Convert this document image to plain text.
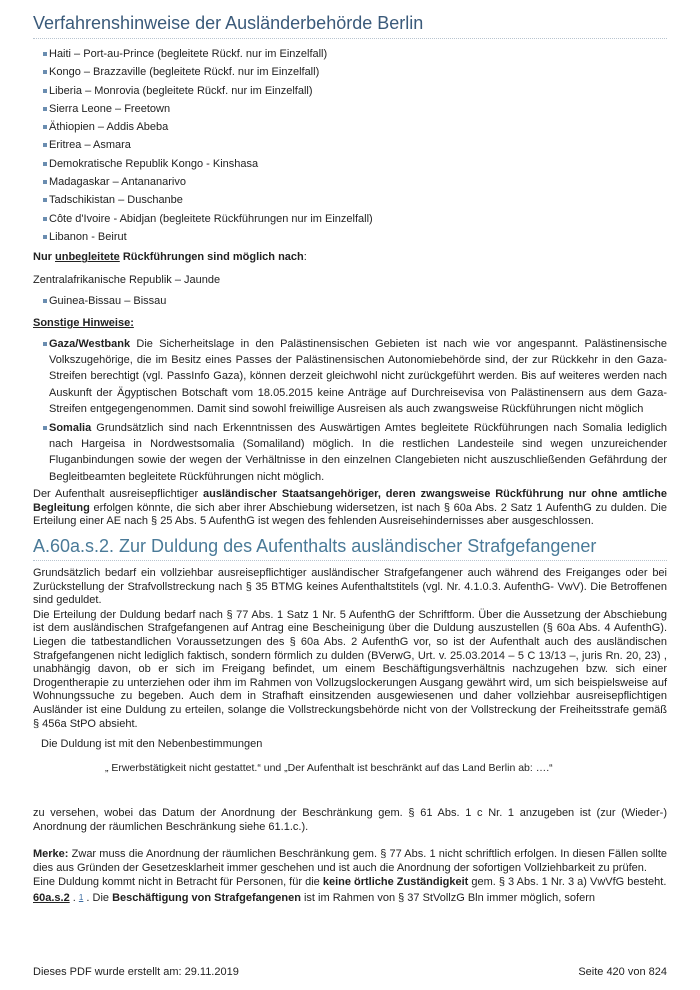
Verfahrenshinweise der Ausländerbehörde Berlin
Haiti – Port-au-Prince (begleitete Rückf. nur im Einzelfall)
Kongo – Brazzaville (begleitete Rückf. nur im Einzelfall)
Liberia – Monrovia (begleitete Rückf. nur im Einzelfall)
Sierra Leone – Freetown
Äthiopien – Addis Abeba
Eritrea – Asmara
Demokratische Republik Kongo - Kinshasa
Madagaskar – Antananarivo
Tadschikistan – Duschanbe
Côte d'Ivoire - Abidjan (begleitete Rückführungen nur im Einzelfall)
Libanon - Beirut

Nur unbegleitete Rückführungen sind möglich nach:

Zentralafrikanische Republik – Jaunde
Guinea-Bissau – Bissau

Sonstige Hinweise:

Gaza/Westbank Die Sicherheitslage in den Palästinensischen Gebieten ist nach wie vor angespannt. Palästinensische Volkszugehörige, die im Besitz eines Passes der Palästinensischen Autonomiebehörde sind, der zur Rückkehr in den Gaza-Streifen berechtigt (vgl. PassInfo Gaza), können derzeit gleichwohl nicht zurückgeführt werden. Bis auf weiteres werden nach Auskunft der Ägyptischen Botschaft vom 18.05.2015 keine Anträge auf Durchreisevisa von Palästinensern aus dem Gaza-Streifen entgegengenommen. Damit sind sowohl freiwillige Ausreisen als auch zwangsweise Rückführungen nicht möglich
Somalia Grundsätzlich sind nach Erkenntnissen des Auswärtigen Amtes begleitete Rückführungen nach Somalia lediglich nach Hargeisa in Nordwestsomalia (Somaliland) möglich. In die restlichen Landesteile sind wegen unzureichender Fluganbindungen sowie der wegen der Verhältnisse in den einzelnen Clangebieten nicht auszuschließenden Gefährdung der Begleitbeamten begleitete Rückführungen nicht möglich.

Der Aufenthalt ausreisepflichtiger ausländischer Staatsangehöriger, deren zwangsweise Rückführung nur ohne amtliche Begleitung erfolgen könnte, die sich aber ihrer Abschiebung widersetzen, ist nach § 60a Abs. 2 Satz 1 AufenthG zu dulden. Die Erteilung einer AE nach § 25 Abs. 5 AufenthG ist wegen des fehlenden Ausreisehindernisses aber ausgeschlossen.

A.60a.s.2. Zur Duldung des Aufenthalts ausländischer Strafgefangener

Grundsätzlich bedarf ein vollziehbar ausreisepflichtiger ausländischer Strafgefangener auch während des Freiganges oder bei Zurückstellung der Strafvollstreckung nach § 35 BTMG keines Aufenthaltstitels (vgl. Nr. 4.1.0.3. AufenthG- VwV). Die Betroffenen sind geduldet.

Die Erteilung der Duldung bedarf nach § 77 Abs. 1 Satz 1 Nr. 5 AufenthG der Schriftform. Über die Aussetzung der Abschiebung ist dem ausländischen Strafgefangenen auf Antrag eine Bescheinigung über die Duldung auszustellen (§ 60a Abs. 4 AufenthG). Liegen die tatbestandlichen Voraussetzungen des § 60a Abs. 2 AufenthG vor, so ist der Aufenthalt auch des ausländischen Strafgefangenen nicht lediglich faktisch, sondern förmlich zu dulden (BVerwG, Urt. v. 25.03.2014 – 5 C 13/13 –, juris Rn. 20, 23) , unabhängig davon, ob er sich im Freigang befindet, um einem Beschäftigungsverhältnis nachzugehen bzw. sich einer Drogentherapie zu unterziehen oder ihm im Rahmen von Vollzugslockerungen Ausgang gewährt wird, um sich beispielsweise auf Wohnungssuche zu begeben. Auch dem in Strafhaft einsitzenden ausgewiesenen und daher vollziehbar ausreisepflichtigen Ausländer ist eine Duldung zu erteilen, solange die Vollstreckungsbehörde nicht von der Vollstreckung der Freiheitsstrafe gemäß § 456a StPO absieht.

Die Duldung ist mit den Nebenbestimmungen
„ Erwerbstätigkeit nicht gestattet.“ und „Der Aufenthalt ist beschränkt auf das Land Berlin ab: ….“

zu versehen, wobei das Datum der Anordnung der Beschränkung gem. § 61 Abs. 1 c Nr. 1 anzugeben ist (zur (Wieder-) Anordnung der räumlichen Beschränkung siehe 61.1.c.).

Merke: Zwar muss die Anordnung der räumlichen Beschränkung gem. § 77 Abs. 1 nicht schriftlich erfolgen. In diesen Fällen sollte dies aus Gründen der Gesetzesklarheit immer geschehen und ist auch die Anordnung der sofortigen Vollziehbarkeit zu prüfen.

Eine Duldung kommt nicht in Betracht für Personen, für die keine örtliche Zuständigkeit gem. § 3 Abs. 1 Nr. 3 a) VwVfG besteht.

60a.s.2 . 1 . Die Beschäftigung von Strafgefangenen ist im Rahmen von § 37 StVollzG Bln immer möglich, sofern

Dieses PDF wurde erstellt am: 29.11.2019	Seite 420 von 824
